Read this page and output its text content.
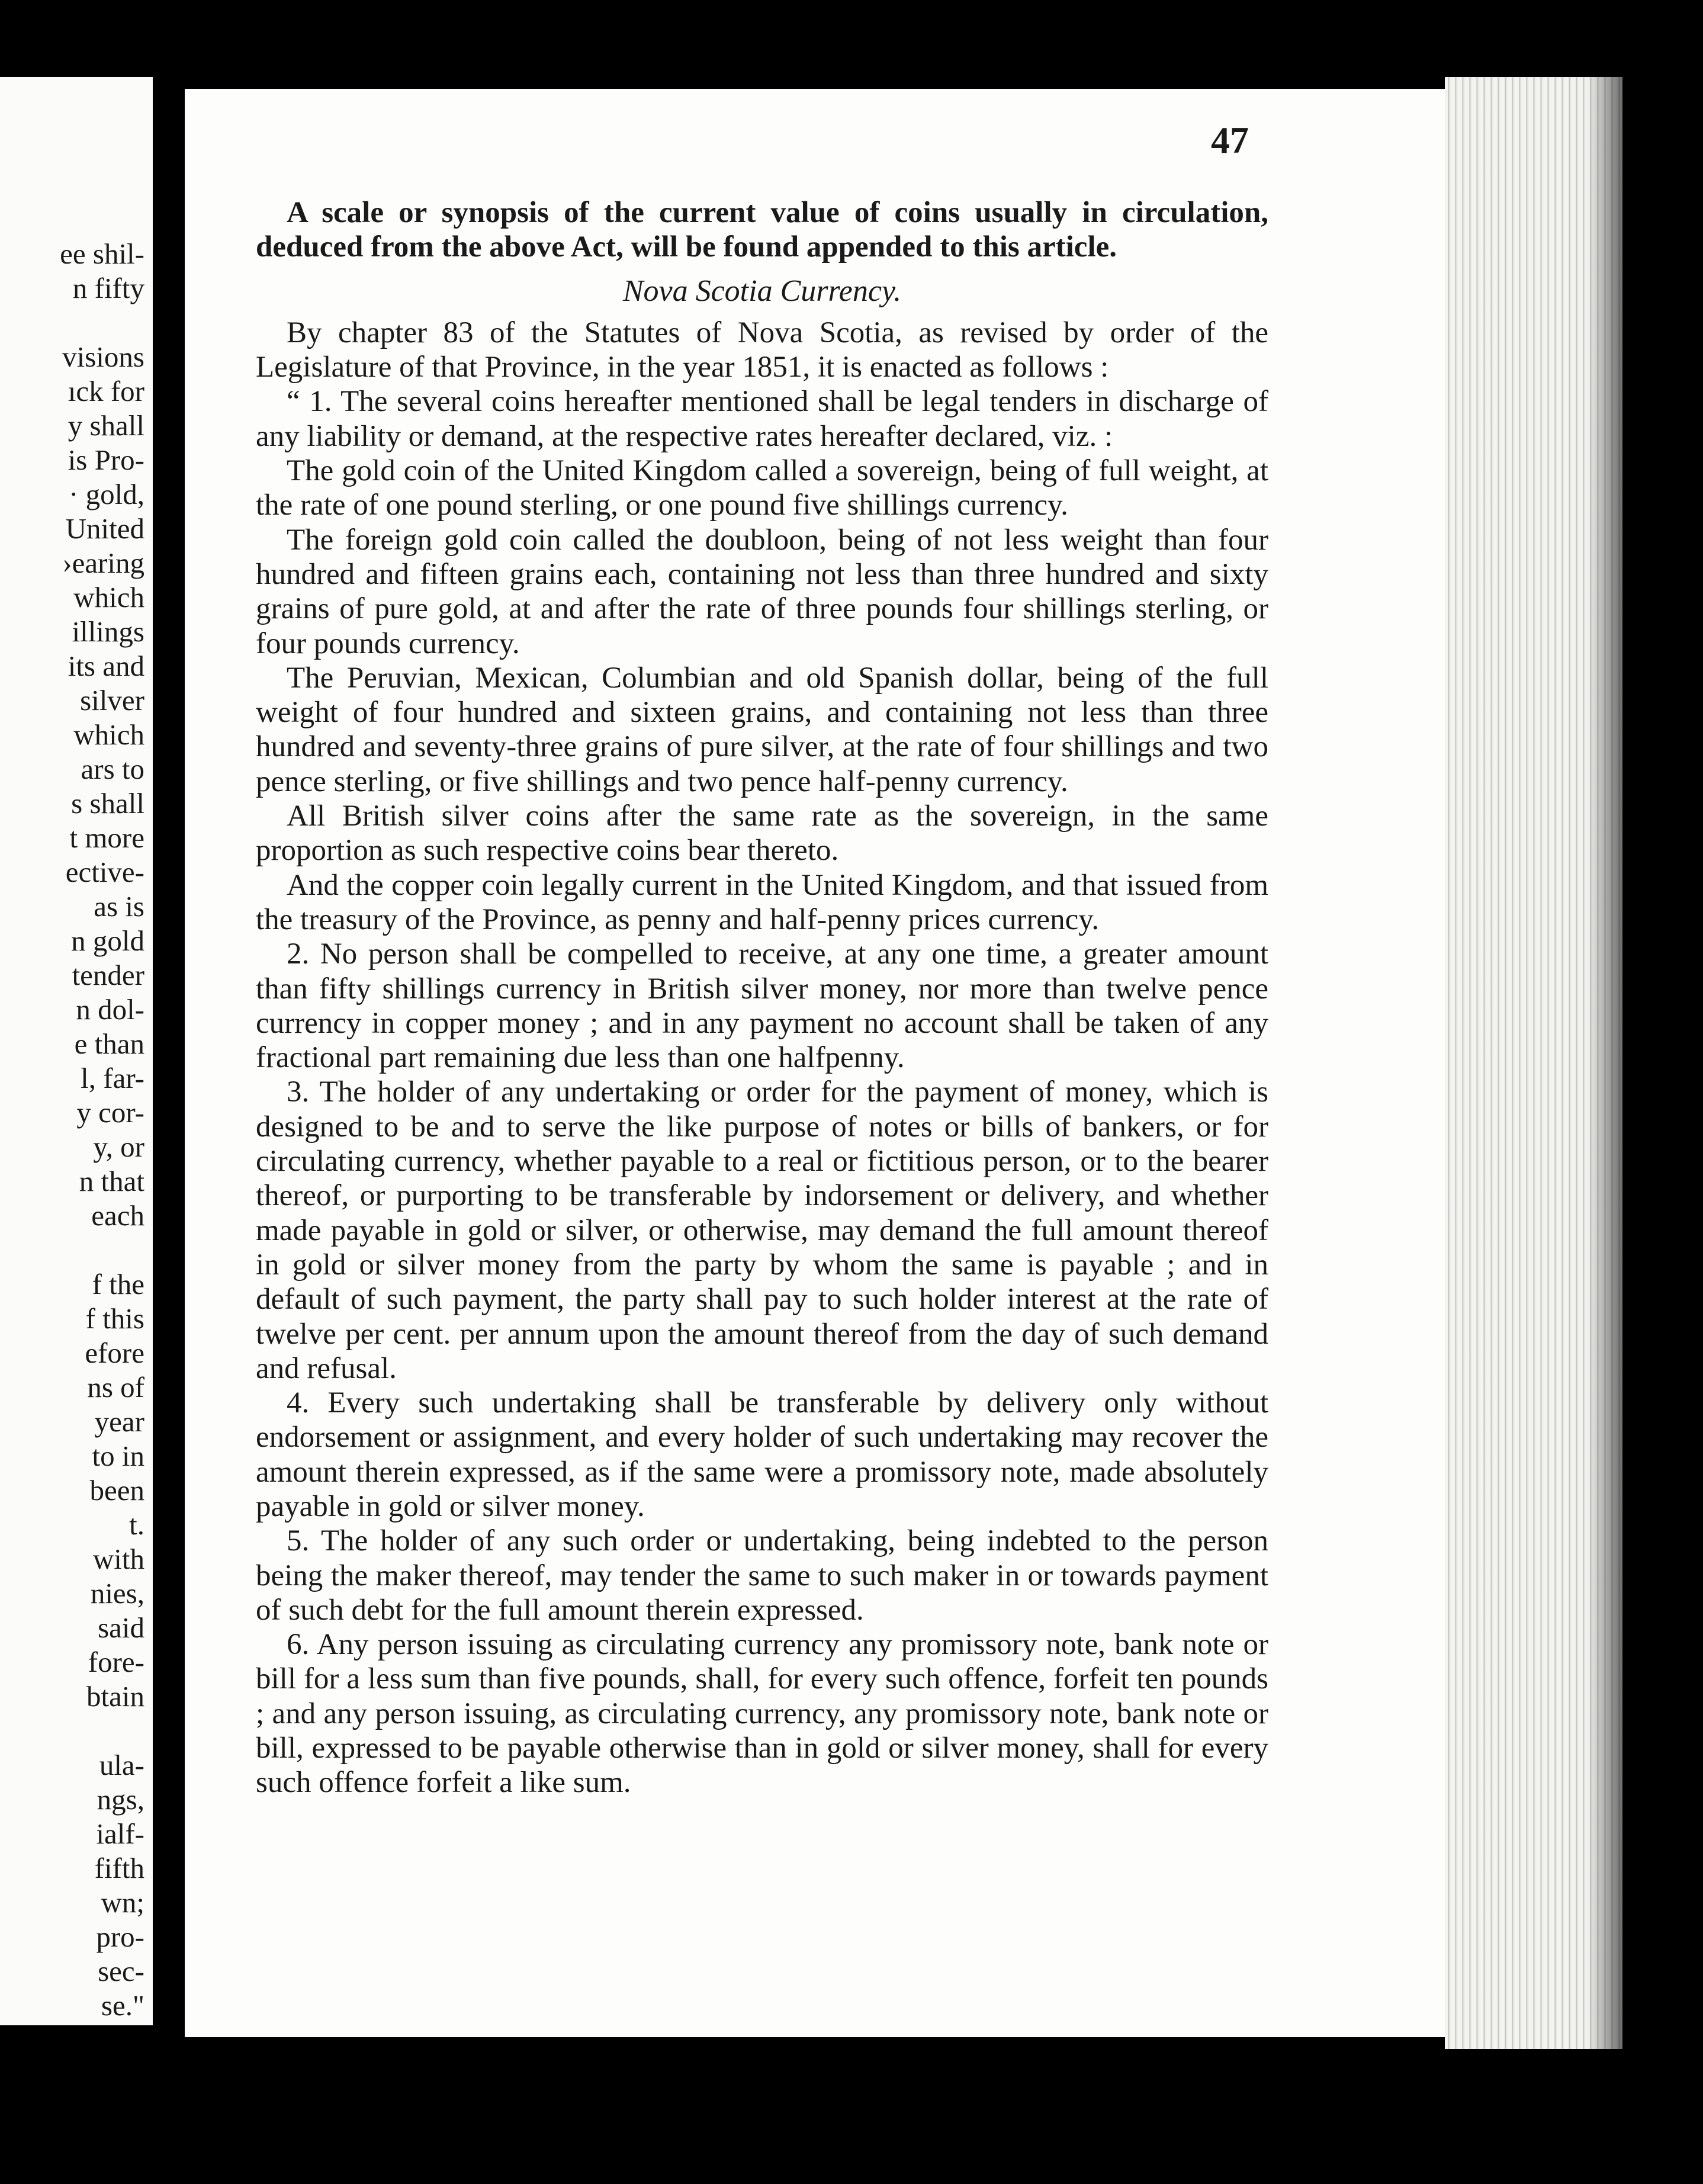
ee shil-
n fifty
visions
ıck for
y shall
is Pro-
· gold,
United
›earing
which
illings
its and
silver
which
ars to
s shall
t more
ective-
as is
n gold
tender
n dol-
e than
l, far-
y cor-
y, or
n that
each
f the
f this
efore
ns of
year
to in
been
t.
with
nies,
said
fore-
btain
ula-
ngs,
ialf-
fifth
wn;
pro-
sec-
se."
47

A scale or synopsis of the current value of coins usually in circulation, deduced from the above Act, will be found appended to this article.

Nova Scotia Currency.

By chapter 83 of the Statutes of Nova Scotia, as revised by order of the Legislature of that Province, in the year 1851, it is enacted as follows :

“ 1. The several coins hereafter mentioned shall be legal tenders in discharge of any liability or demand, at the respective rates hereafter declared, viz. :

The gold coin of the United Kingdom called a sovereign, being of full weight, at the rate of one pound sterling, or one pound five shillings currency.

The foreign gold coin called the doubloon, being of not less weight than four hundred and fifteen grains each, containing not less than three hundred and sixty grains of pure gold, at and after the rate of three pounds four shillings sterling, or four pounds currency.

The Peruvian, Mexican, Columbian and old Spanish dollar, being of the full weight of four hundred and sixteen grains, and containing not less than three hundred and seventy-three grains of pure silver, at the rate of four shillings and two pence sterling, or five shillings and two pence half-penny currency.

All British silver coins after the same rate as the sovereign, in the same proportion as such respective coins bear thereto.

And the copper coin legally current in the United Kingdom, and that issued from the treasury of the Province, as penny and half-penny prices currency.

2. No person shall be compelled to receive, at any one time, a greater amount than fifty shillings currency in British silver money, nor more than twelve pence currency in copper money ; and in any payment no account shall be taken of any fractional part remaining due less than one halfpenny.

3. The holder of any undertaking or order for the payment of money, which is designed to be and to serve the like purpose of notes or bills of bankers, or for circulating currency, whether payable to a real or fictitious person, or to the bearer thereof, or purporting to be transferable by indorsement or delivery, and whether made payable in gold or silver, or otherwise, may demand the full amount thereof in gold or silver money from the party by whom the same is payable ; and in default of such payment, the party shall pay to such holder interest at the rate of twelve per cent. per annum upon the amount thereof from the day of such demand and refusal.

4. Every such undertaking shall be transferable by delivery only without endorsement or assignment, and every holder of such undertaking may recover the amount therein expressed, as if the same were a promissory note, made absolutely payable in gold or silver money.

5. The holder of any such order or undertaking, being indebted to the person being the maker thereof, may tender the same to such maker in or towards payment of such debt for the full amount therein expressed.

6. Any person issuing as circulating currency any promissory note, bank note or bill for a less sum than five pounds, shall, for every such offence, forfeit ten pounds ; and any person issuing, as circulating currency, any promissory note, bank note or bill, expressed to be payable otherwise than in gold or silver money, shall for every such offence forfeit a like sum.
